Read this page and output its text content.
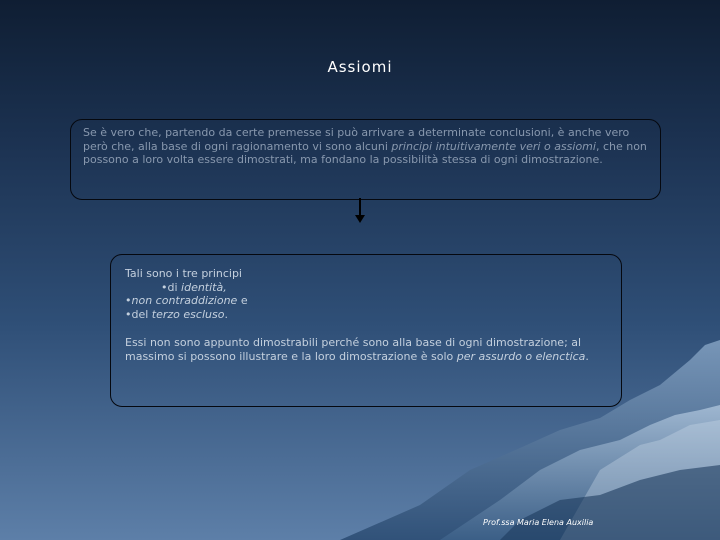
Assiomi
Se è vero che, partendo da certe premesse si può arrivare a determinate conclusioni, è anche vero però che, alla base di ogni ragionamento vi sono alcuni principi intuitivamente veri o assiomi, che non possono a loro volta essere dimostrati, ma fondano la possibilità stessa di ogni dimostrazione.

Tali sono i tre principi

•di identità,

•non contraddizione e

•del terzo escluso.

Essi non sono appunto dimostrabili perché sono alla base di ogni dimostrazione; al massimo si possono illustrare e la loro dimostrazione è solo per assurdo o elenctica.

Prof.ssa Maria Elena Auxilia
